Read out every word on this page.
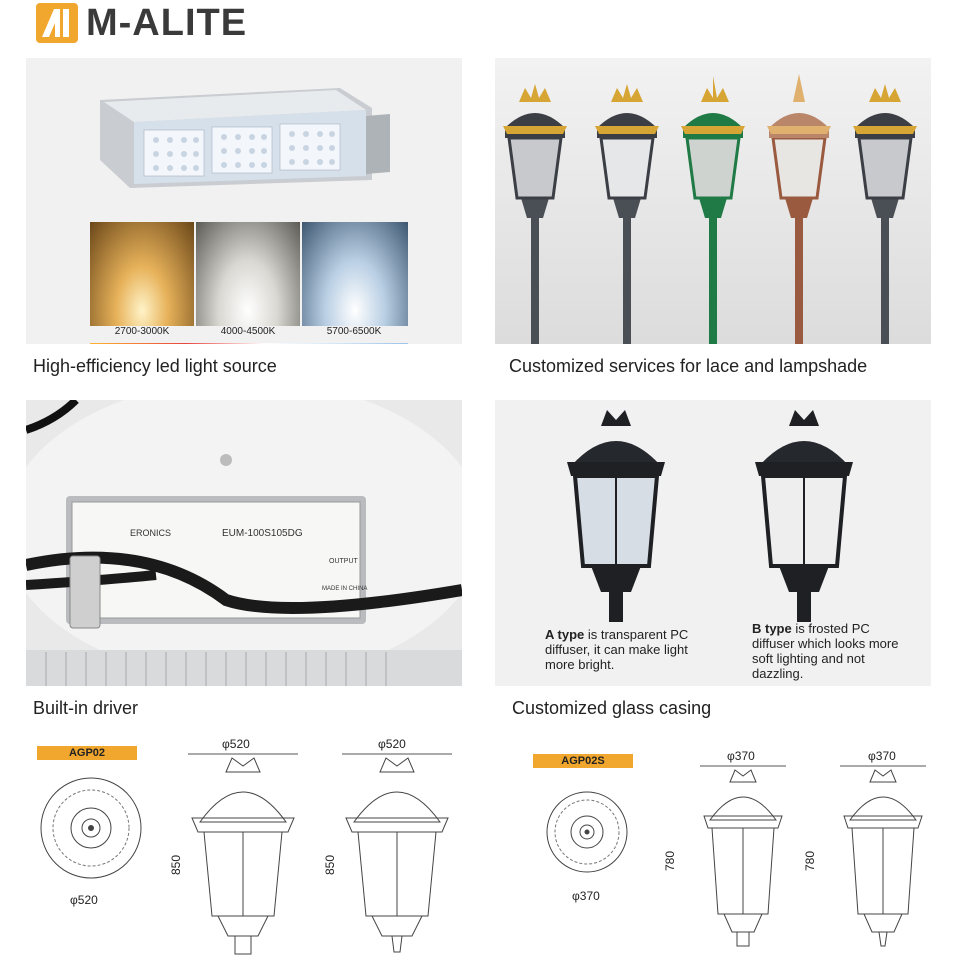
M-ALITE
2700-3000K	4000-4500K	5700-6500K
High-efficiency led light source	Customized services for lace and lampshade
ERONICS	EUM-100S105DG
OUTPUT
MADE IN CHINA
Built-in driver
A type is transparent PC diffuser, it can make light more bright.
B type is frosted PC diffuser which looks more soft lighting and not dazzling.
Customized glass casing
AGP02
φ520
φ520	φ520
850	850
AGP02S
φ370
φ370	φ370
780	780
